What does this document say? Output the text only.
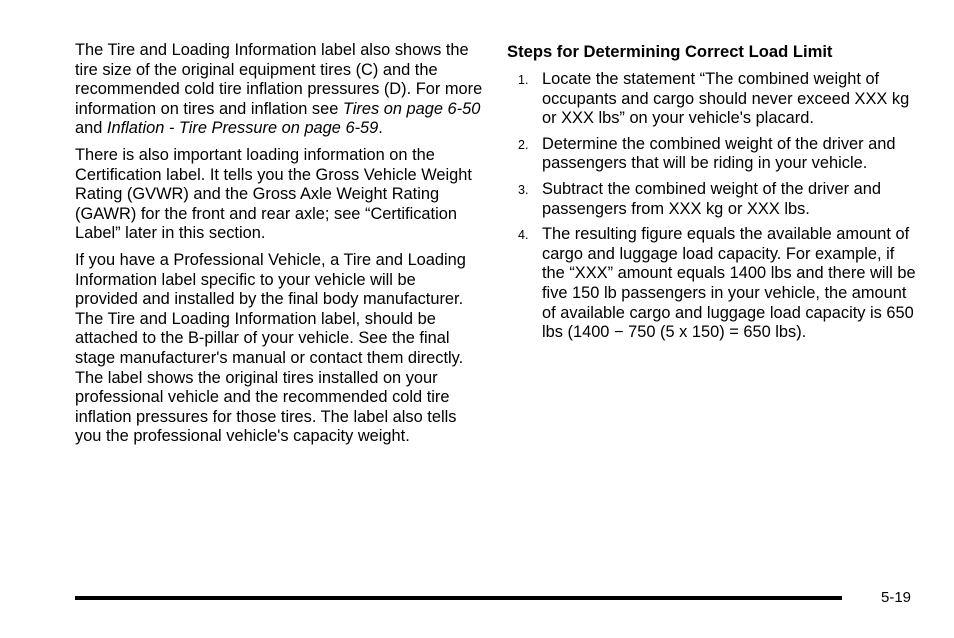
The Tire and Loading Information label also shows the tire size of the original equipment tires (C) and the recommended cold tire inflation pressures (D). For more information on tires and inflation see Tires on page 6-50 and Inflation - Tire Pressure on page 6-59.

There is also important loading information on the Certification label. It tells you the Gross Vehicle Weight Rating (GVWR) and the Gross Axle Weight Rating (GAWR) for the front and rear axle; see “Certification Label” later in this section.

If you have a Professional Vehicle, a Tire and Loading Information label specific to your vehicle will be provided and installed by the final body manufacturer. The Tire and Loading Information label, should be attached to the B-pillar of your vehicle. See the final stage manufacturer's manual or contact them directly. The label shows the original tires installed on your professional vehicle and the recommended cold tire inflation pressures for those tires. The label also tells you the professional vehicle's capacity weight.

Steps for Determining Correct Load Limit
1. Locate the statement “The combined weight of occupants and cargo should never exceed XXX kg or XXX lbs” on your vehicle's placard.
2. Determine the combined weight of the driver and passengers that will be riding in your vehicle.
3. Subtract the combined weight of the driver and passengers from XXX kg or XXX lbs.
4. The resulting figure equals the available amount of cargo and luggage load capacity. For example, if the “XXX” amount equals 1400 lbs and there will be five 150 lb passengers in your vehicle, the amount of available cargo and luggage load capacity is 650 lbs (1400 − 750 (5 x 150) = 650 lbs).
5-19
